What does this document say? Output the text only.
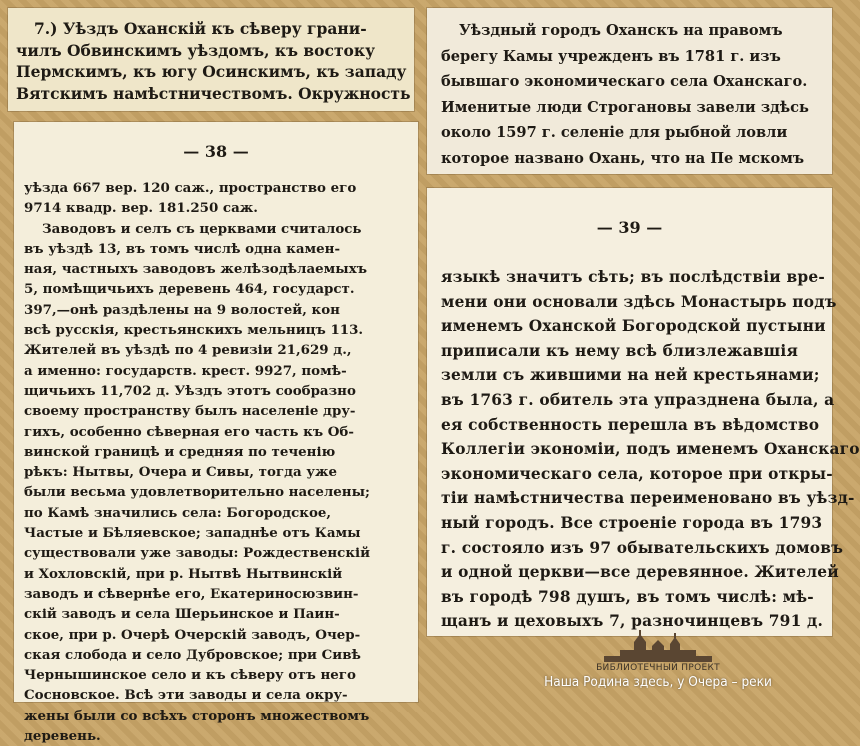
7.) Уѣздъ Оханскій къ сѣверу грани-
чилъ Обвинскимъ уѣздомъ, къ востоку
Пермскимъ, къ югу Осинскимъ, къ западу
Вятскимъ намѣстничествомъ. Окружность
— 38 —
уѣзда 667 вер. 120 саж., пространство его
9714 квадр. вер. 181.250 саж.
Заводовъ и селъ съ церквами считалось
въ уѣздѣ 13, въ томъ числѣ одна камен-
ная, частныхъ заводовъ желѣзодѣлаемыхъ
5, помѣщичьихъ деревень 464, государст.
397,—онѣ раздѣлены на 9 волостей, кон
всѣ русскія, крестьянскихъ мельницъ 113.
Жителей въ уѣздѣ по 4 ревизіи 21,629 д.,
а именно: государств. крест. 9927, помѣ-
щичьихъ 11,702 д. Уѣздъ этотъ сообразно
своему пространству былъ населеніе дру-
гихъ, особенно сѣверная его часть къ Об-
винской границѣ и средняя по теченію
рѣкъ: Нытвы, Очера и Сивы, тогда уже
были весьма удовлетворительно населены;
по Камѣ значились села: Богородское,
Частые и Бѣляевское; западнѣе отъ Камы
существовали уже заводы: Рождественскій
и Хохловскій, при р. Нытвѣ Нытвинскій
заводъ и сѣвернѣе его, Екатериносюзвин-
скій заводъ и села Шерьинское и Паин-
ское, при р. Очерѣ Очерскій заводъ, Очер-
ская слобода и село Дубровское; при Сивѣ
Чернышинское село и къ сѣверу отъ него
Сосновское. Всѣ эти заводы и села окру-
жены были со всѣхъ сторонъ множествомъ
деревень.
Уѣздный городъ Оханскъ на правомъ
берегу Камы учрежденъ въ 1781 г. изъ
бывшаго экономическаго села Оханскаго.
Именитые люди Строгановы завели здѣсь
около 1597 г. селеніе для рыбной ловли
которое названо Охань, что на Пе мскомъ
— 39 —
языкѣ значитъ сѣть; въ послѣдствіи вре-
мени они основали здѣсь Монастырь подъ
именемъ Оханской Богородской пустыни
приписали къ нему всѣ близлежавшія
земли съ жившими на ней крестьянами;
въ 1763 г. обитель эта упразднена была, а
ея собственность перешла въ вѣдомство
Коллегіи экономіи, подъ именемъ Оханскаго
экономическаго села, которое при откры-
тіи намѣстничества переименовано въ уѣзд-
ный городъ. Все строеніе города въ 1793
г. состояло изъ 97 обывательскихъ домовъ
и одной церкви—все деревянное. Жителей
въ городѣ 798 душъ, въ томъ числѣ: мѣ-
щанъ и цеховыхъ 7, разночинцевъ 791 д.
БИБЛИОТЕЧНЫЙ ПРОЕКТ
Наша Родина здесь, у Очера – реки
